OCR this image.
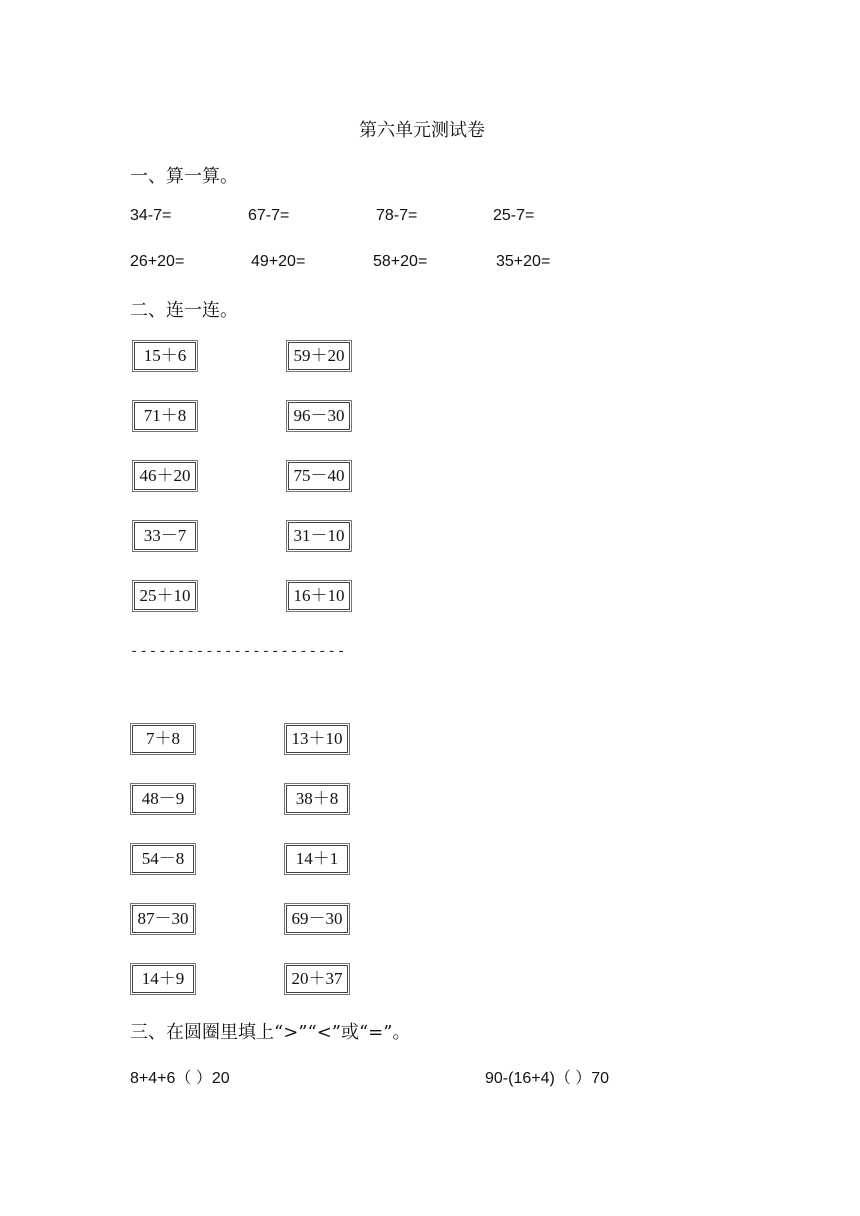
第六单元测试卷
一、算一算。
34-7=	67-7=	78-7=	25-7=
26+20=	49+20=	58+20=	35+20=
二、连一连。
15＋6
71＋8
46＋20
33－7
25＋10
59＋20
96－30
75－40
31－10
16＋10
-----------------------
7＋8
48－9
54－8
87－30
14＋9
13＋10
38＋8
14＋1
69－30
20＋37
三、在圆圈里填上“>”“<”或“=”。
8+4+6（ ）20	90-(16+4)（ ）70
